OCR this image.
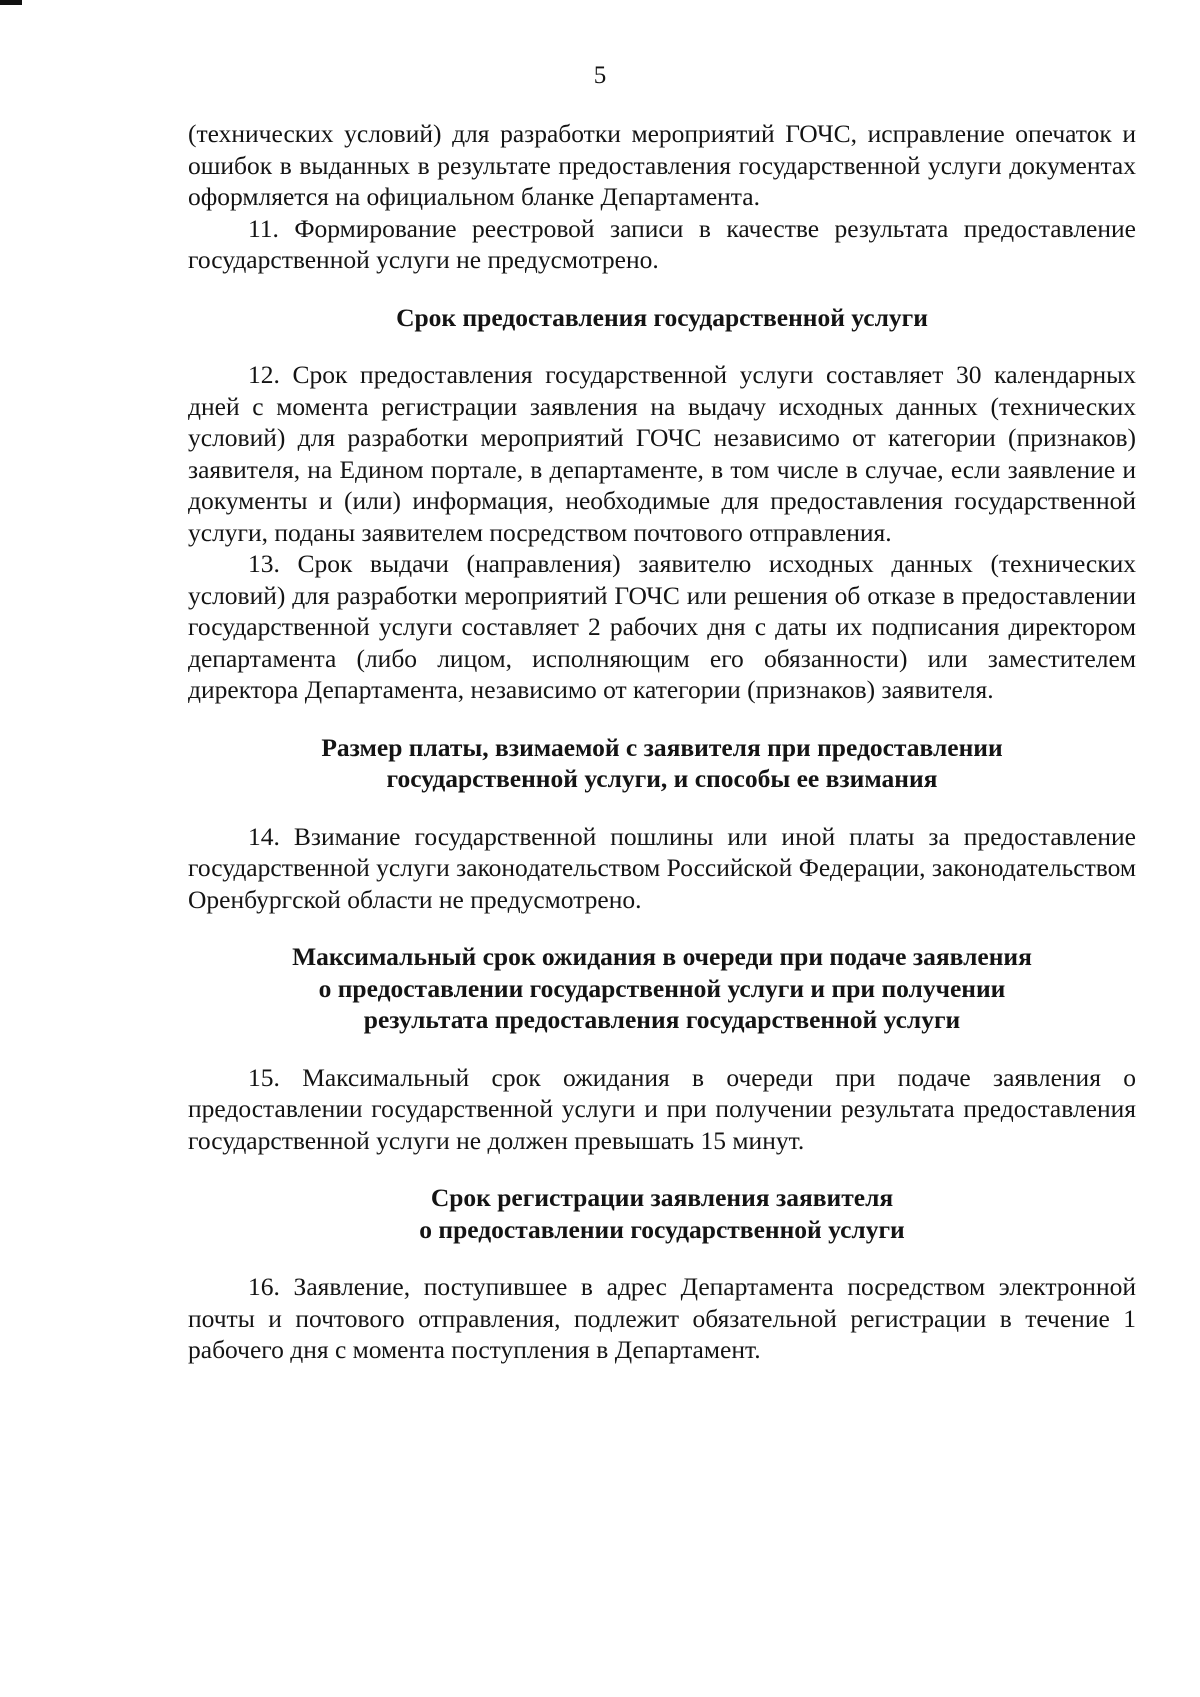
5

(технических условий) для разработки мероприятий ГОЧС, исправление опечаток и ошибок в выданных в результате предоставления государственной услуги документах оформляется на официальном бланке Департамента.

11. Формирование реестровой записи в качестве результата предоставление государственной услуги не предусмотрено.

Срок предоставления государственной услуги

12. Срок предоставления государственной услуги составляет 30 календарных дней с момента регистрации заявления на выдачу исходных данных (технических условий) для разработки мероприятий ГОЧС независимо от категории (признаков) заявителя, на Едином портале, в департаменте, в том числе в случае, если заявление и документы и (или) информация, необходимые для предоставления государственной услуги, поданы заявителем посредством почтового отправления.

13. Срок выдачи (направления) заявителю исходных данных (технических условий) для разработки мероприятий ГОЧС или решения об отказе в предоставлении государственной услуги составляет 2 рабочих дня с даты их подписания директором департамента (либо лицом, исполняющим его обязанности) или заместителем директора Департамента, независимо от категории (признаков) заявителя.

Размер платы, взимаемой с заявителя при предоставлении
государственной услуги, и способы ее взимания

14. Взимание государственной пошлины или иной платы за предоставление государственной услуги законодательством Российской Федерации, законодательством Оренбургской области не предусмотрено.

Максимальный срок ожидания в очереди при подаче заявления
о предоставлении государственной услуги и при получении
результата предоставления государственной услуги

15. Максимальный срок ожидания в очереди при подаче заявления о предоставлении государственной услуги и при получении результата предоставления государственной услуги не должен превышать 15 минут.

Срок регистрации заявления заявителя
о предоставлении государственной услуги

16. Заявление, поступившее в адрес Департамента посредством электронной почты и почтового отправления, подлежит обязательной регистрации в течение 1 рабочего дня с момента поступления в Департамент.
